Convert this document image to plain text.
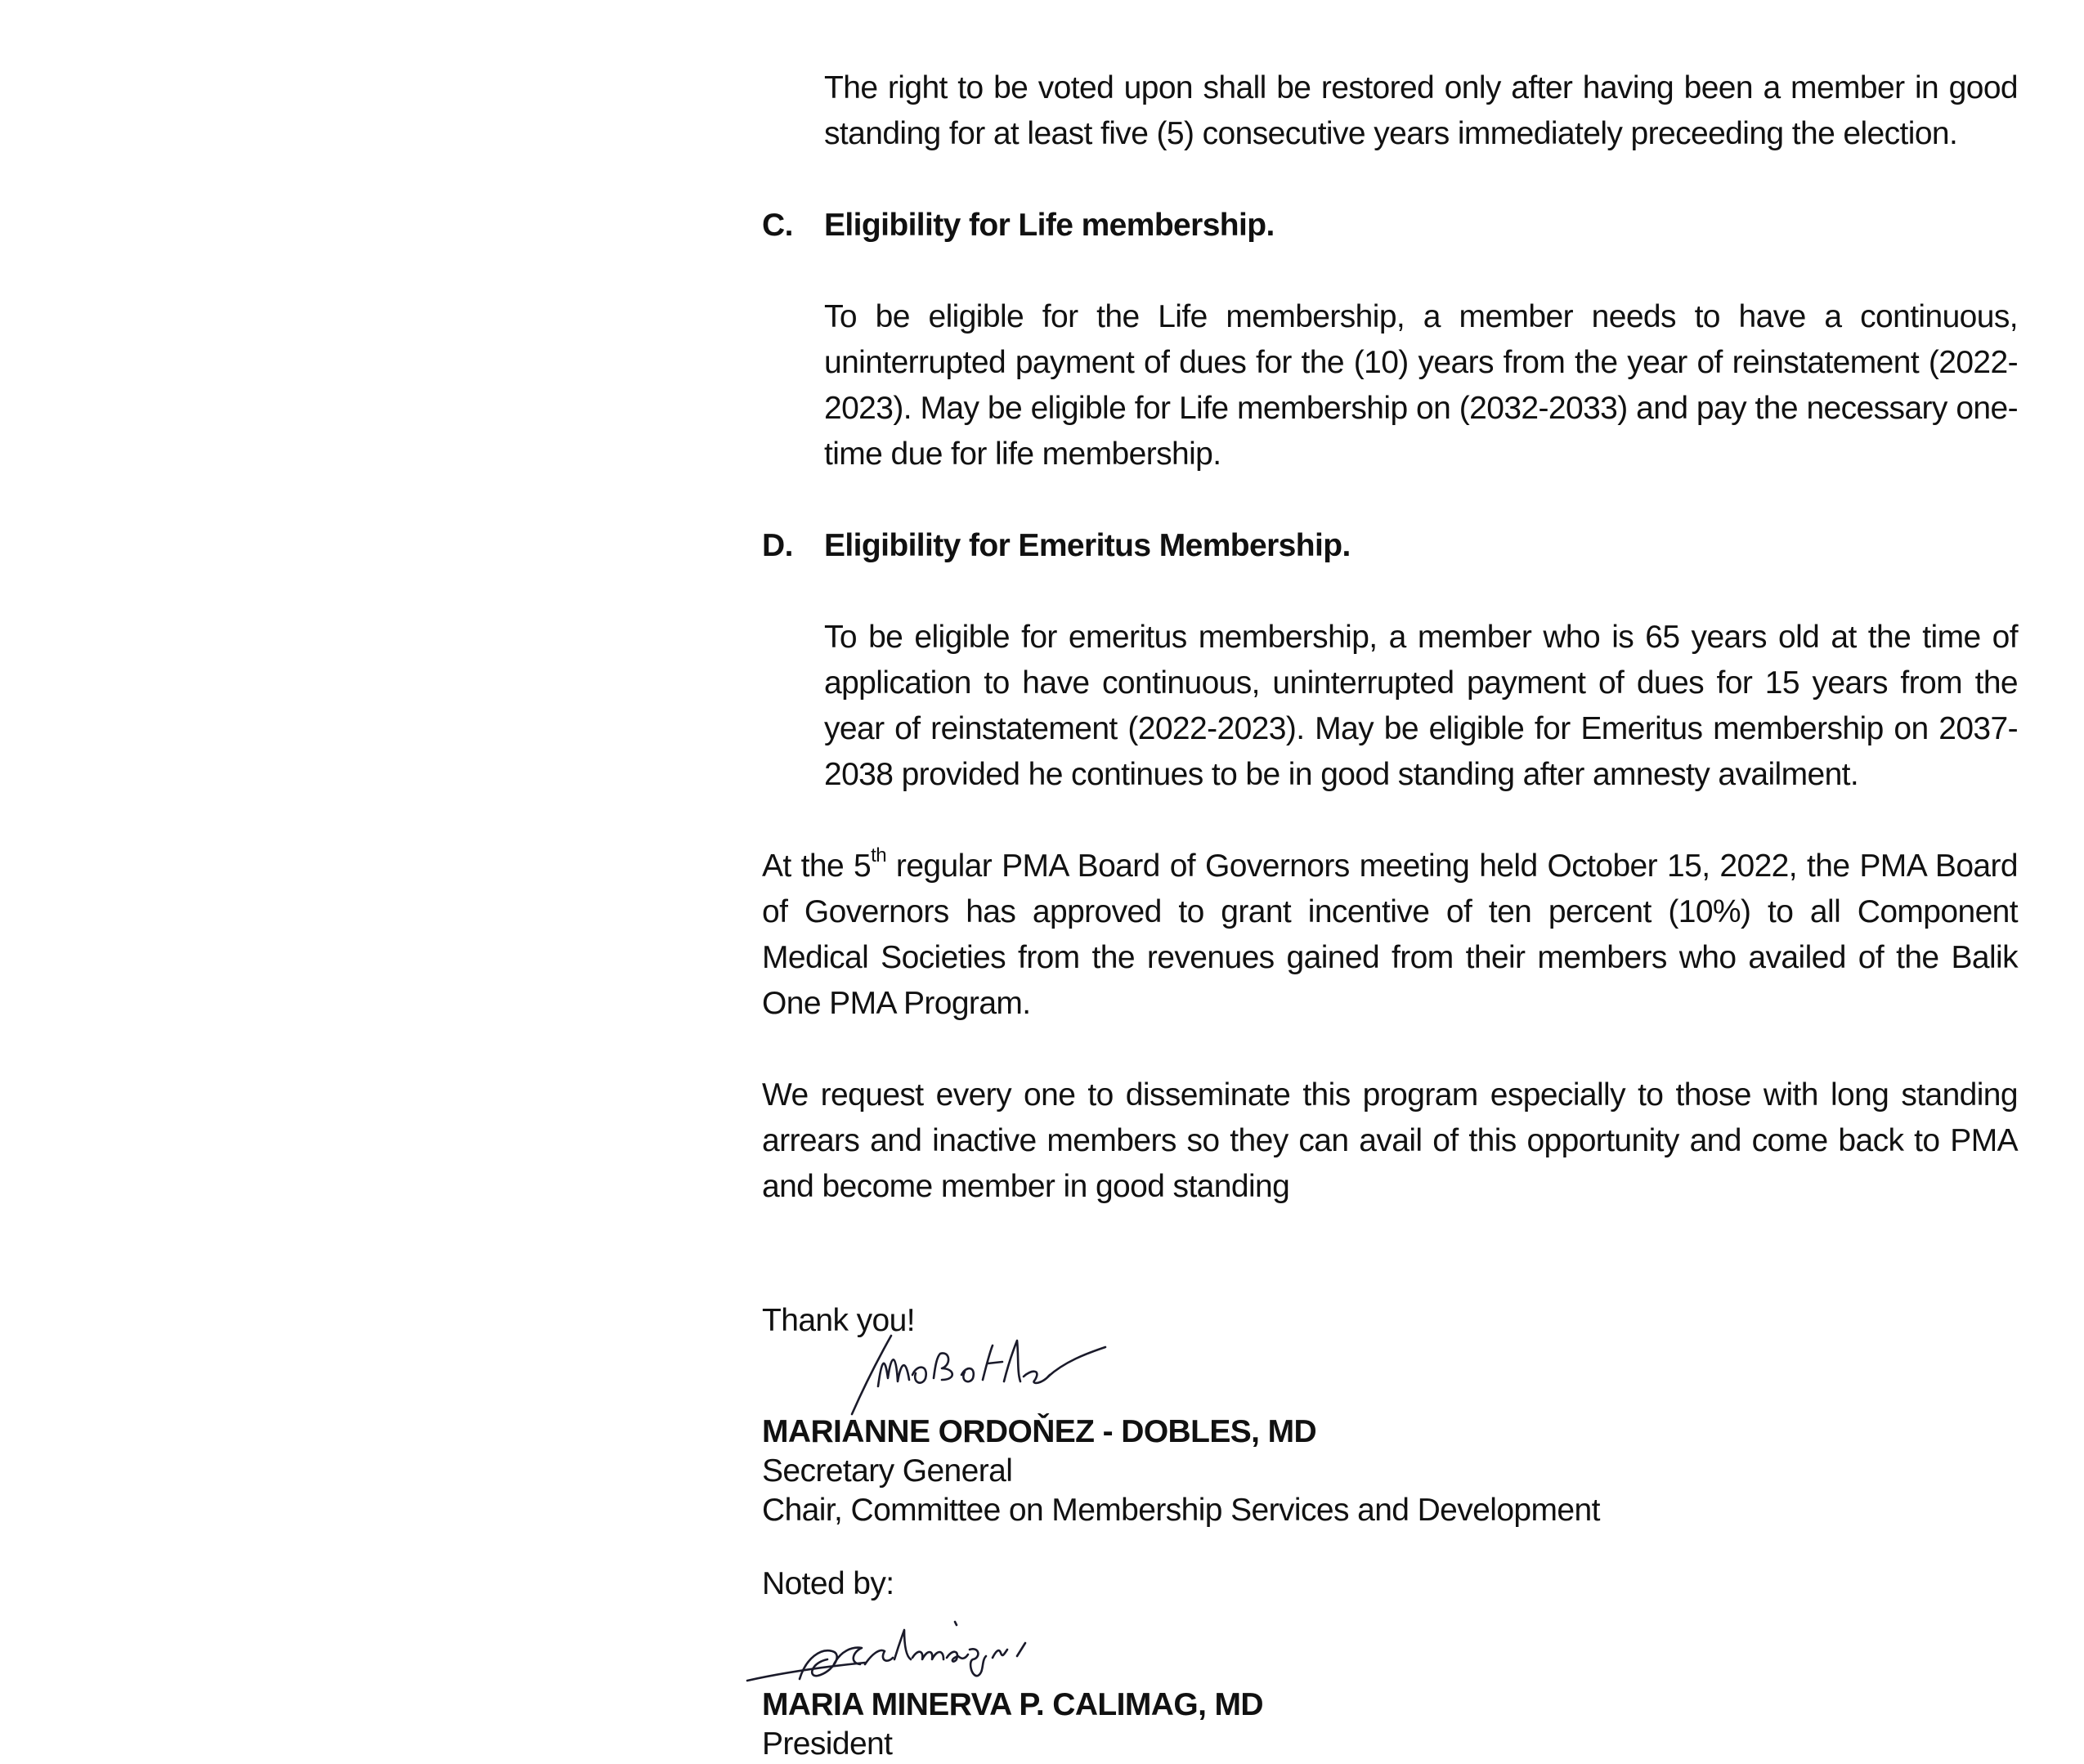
The right to be voted upon shall be restored only after having been a member in good standing for at least five (5) consecutive years immediately preceeding the election.

C. Eligibility for Life membership.

To be eligible for the Life membership, a member needs to have a continuous, uninterrupted payment of dues for the (10) years from the year of reinstatement (2022-2023). May be eligible for Life membership on (2032-2033) and pay the necessary one-time due for life membership.

D. Eligibility for Emeritus Membership.

To be eligible for emeritus membership, a member who is 65 years old at the time of application to have continuous, uninterrupted payment of dues for 15 years from the year of reinstatement (2022-2023). May be eligible for Emeritus membership on 2037-2038 provided he continues to be in good standing after amnesty availment.

At the 5th regular PMA Board of Governors meeting held October 15, 2022, the PMA Board of Governors has approved to grant incentive of ten percent (10%) to all Component Medical Societies from the revenues gained from their members who availed of the Balik One PMA Program.

We request every one to disseminate this program especially to those with long standing arrears and inactive members so they can avail of this opportunity and come back to PMA and become member in good standing

Thank you!

MARIANNE ORDOŇEZ - DOBLES, MD

Secretary General

Chair, Committee on Membership Services and Development

Noted by:

MARIA MINERVA P. CALIMAG, MD

President
